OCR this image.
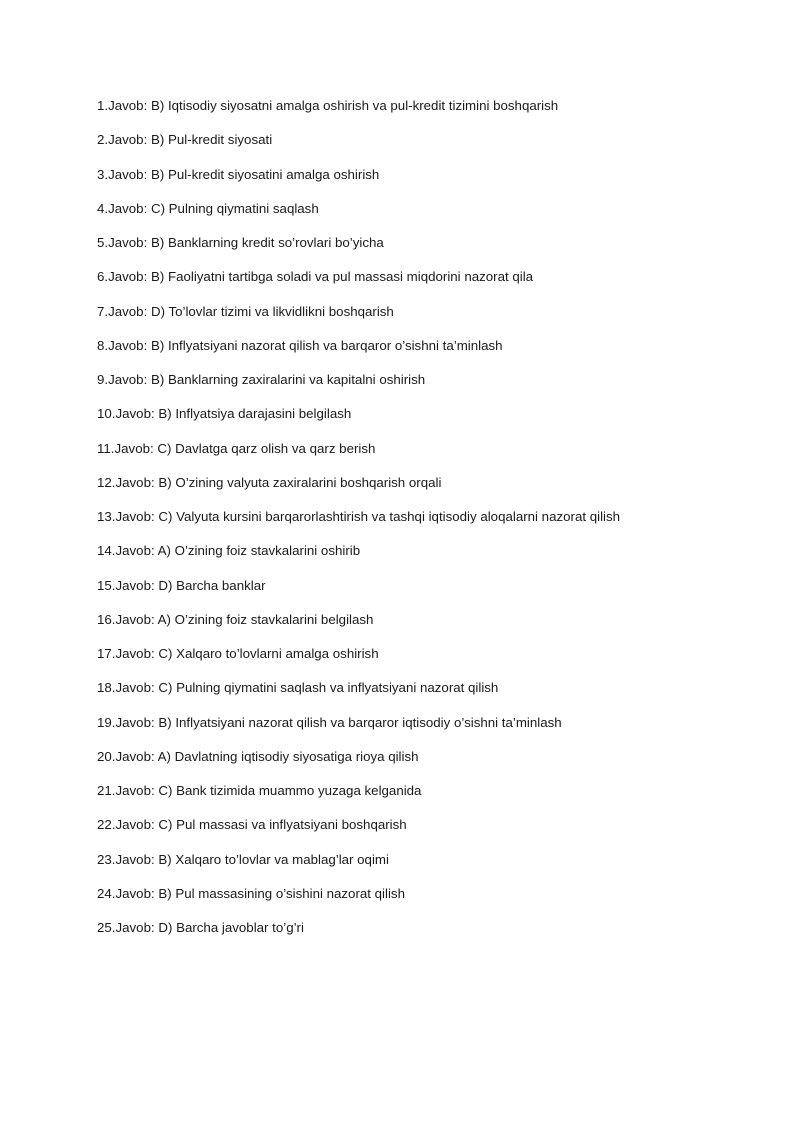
1.Javob: B) Iqtisodiy siyosatni amalga oshirish va pul-kredit tizimini boshqarish
2.Javob: B) Pul-kredit siyosati
3.Javob: B) Pul-kredit siyosatini amalga oshirish
4.Javob: C) Pulning qiymatini saqlash
5.Javob: B) Banklarning kredit so’rovlari bo’yicha
6.Javob: B) Faoliyatni tartibga soladi va pul massasi miqdorini nazorat qila
7.Javob: D) To’lovlar tizimi va likvidlikni boshqarish
8.Javob: B) Inflyatsiyani nazorat qilish va barqaror o’sishni ta’minlash
9.Javob: B) Banklarning zaxiralarini va kapitalni oshirish
10.Javob: B) Inflyatsiya darajasini belgilash
11.Javob: C) Davlatga qarz olish va qarz berish
12.Javob: B) O’zining valyuta zaxiralarini boshqarish orqali
13.Javob: C) Valyuta kursini barqarorlashtirish va tashqi iqtisodiy aloqalarni nazorat qilish
14.Javob: A) O’zining foiz stavkalarini oshirib
15.Javob: D) Barcha banklar
16.Javob: A) O’zining foiz stavkalarini belgilash
17.Javob: C) Xalqaro to’lovlarni amalga oshirish
18.Javob: C) Pulning qiymatini saqlash va inflyatsiyani nazorat qilish
19.Javob: B) Inflyatsiyani nazorat qilish va barqaror iqtisodiy o’sishni ta’minlash
20.Javob: A) Davlatning iqtisodiy siyosatiga rioya qilish
21.Javob: C) Bank tizimida muammo yuzaga kelganida
22.Javob: C) Pul massasi va inflyatsiyani boshqarish
23.Javob: B) Xalqaro to’lovlar va mablag’lar oqimi
24.Javob: B) Pul massasining o’sishini nazorat qilish
25.Javob: D) Barcha javoblar to’g’ri
